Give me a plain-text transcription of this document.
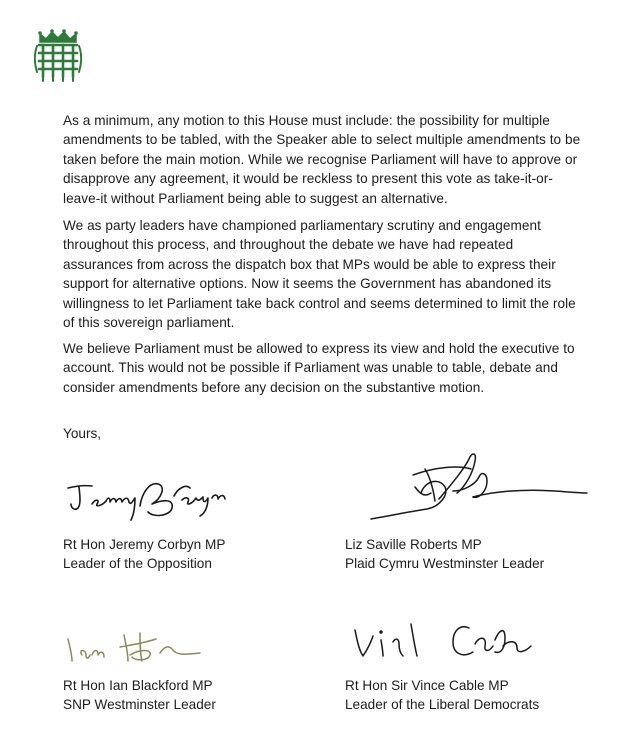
As a minimum, any motion to this House must include: the possibility for multiple amendments to be tabled, with the Speaker able to select multiple amendments to be taken before the main motion. While we recognise Parliament will have to approve or disapprove any agreement, it would be reckless to present this vote as take-it-or-leave-it without Parliament being able to suggest an alternative.

We as party leaders have championed parliamentary scrutiny and engagement throughout this process, and throughout the debate we have had repeated assurances from across the dispatch box that MPs would be able to express their support for alternative options. Now it seems the Government has abandoned its willingness to let Parliament take back control and seems determined to limit the role of this sovereign parliament.

We believe Parliament must be allowed to express its view and hold the executive to account. This would not be possible if Parliament was unable to table, debate and consider amendments before any decision on the substantive motion.

Yours,

Rt Hon Jeremy Corbyn MP
Leader of the Opposition

Liz Saville Roberts MP
Plaid Cymru Westminster Leader

Rt Hon Ian Blackford MP
SNP Westminster Leader

Rt Hon Sir Vince Cable MP
Leader of the Liberal Democrats
